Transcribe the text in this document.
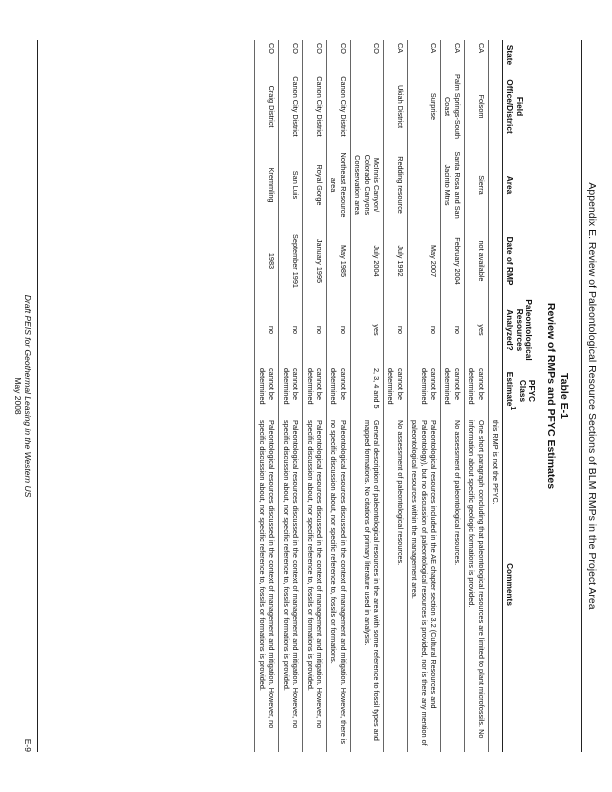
Appendix E. Review of Paleontological Resource Sections of BLM RMPs in the Project Area
Table E-1
Review of RMPs and PFYC Estimates
State	Field Office/District	Area	Date of RMP	Paleontological Resources Analyzed?	PFYC Class Estimate$^1$	Comments
						this RMP is not the PFYC.
CA	Folsom	Sierra	not available	yes	cannot be determined	One short paragraph concluding that paleontological resources are limited to plant microfossils. No information about specific geologic formations is provided.
CA	Palm Springs-South Coast	Santa Rosa and San Jacinto Mtns	February 2004	no	cannot be determined	No assessment of paleontological resources.
CA	Surprise		May 2007	no	cannot be determined	Paleontological resources included in the AE chapter section 3.2 (Cultural Resources and Paleontology), but no discussion of paleontological resources is provided, nor is there any mention of paleontological resources within the management area.
CA	Ukiah District	Redding resource	July 1992	no	cannot be determined	No assessment of paleontological resources.
CO		McInnis Canyon/ Colorado Canyons Conservation area	July 2004	yes	2, 3, 4 and 5	General description of paleontological resources in the area with some reference to fossil types and mapped formations. No citations of primary literature used in analysis.
CO	Canon City District	Northeast Resource area	May 1985	no	cannot be determined	Paleontological resources discussed in the context of management and mitigation. However, there is no specific discussion about, nor specific reference to, fossils or formations.
CO	Canon City District	Royal Gorge	January 1995	no	cannot be determined	Paleontological resources discussed in the context of management and mitigation. However, no specific discussion about, nor specific reference to, fossils or formations is provided.
CO	Canon City District	San Luis	September 1991	no	cannot be determined	Paleontological resources discussed in the context of management and mitigation. However, no specific discussion about, nor specific reference to, fossils or formations is provided.
CO	Craig District	Kremmling	1983	no	cannot be determined	Paleontological resources discussed in the context of management and mitigation. However, no specific discussion about, nor specific reference to, fossils or formations is provided.
Draft PEIS for Geothermal Leasing in the Western US
May 2008
E-9
